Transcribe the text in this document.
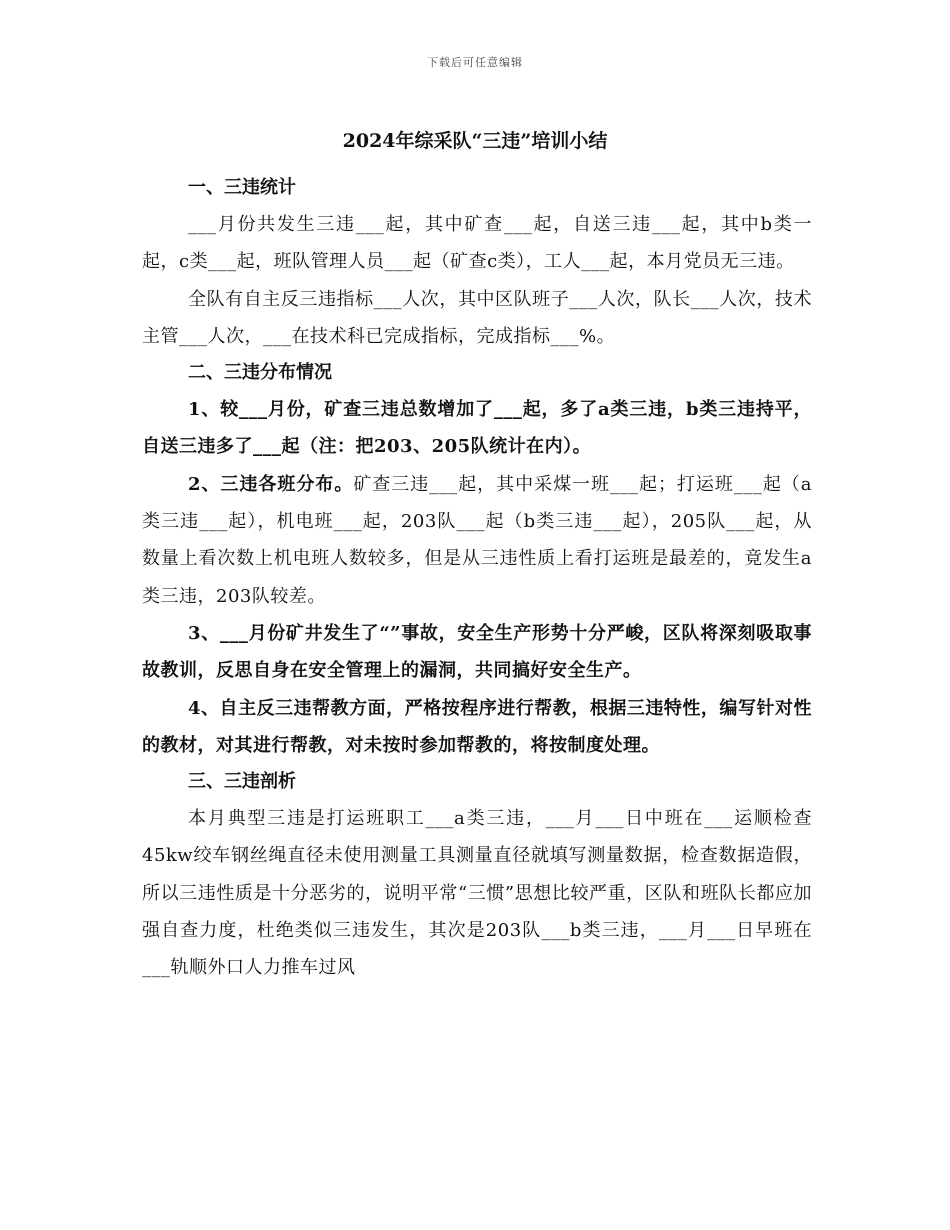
下载后可任意编辑
2024年综采队“三违”培训小结

一、三违统计

___月份共发生三违___起，其中矿查___起，自送三违___起，其中b类一起，c类___起，班队管理人员___起（矿查c类），工人___起，本月党员无三违。

全队有自主反三违指标___人次，其中区队班子___人次，队长___人次，技术主管___人次，___在技术科已完成指标，完成指标___%。

二、三违分布情况

1、较___月份，矿查三违总数增加了___起，多了a类三违，b类三违持平，自送三违多了___起（注：把203、205队统计在内）。

2、三违各班分布。矿查三违___起，其中采煤一班___起；打运班___起（a类三违___起），机电班___起，203队___起（b类三违___起），205队___起，从数量上看次数上机电班人数较多，但是从三违性质上看打运班是最差的，竟发生a类三违，203队较差。

3、___月份矿井发生了“”事故，安全生产形势十分严峻，区队将深刻吸取事故教训，反思自身在安全管理上的漏洞，共同搞好安全生产。

4、自主反三违帮教方面，严格按程序进行帮教，根据三违特性，编写针对性的教材，对其进行帮教，对未按时参加帮教的，将按制度处理。

三、三违剖析

本月典型三违是打运班职工___a类三违，___月___日中班在___运顺检查45kw绞车钢丝绳直径未使用测量工具测量直径就填写测量数据，检查数据造假，所以三违性质是十分恶劣的，说明平常“三惯”思想比较严重，区队和班队长都应加强自查力度，杜绝类似三违发生，其次是203队___b类三违，___月___日早班在___轨顺外口人力推车过风
